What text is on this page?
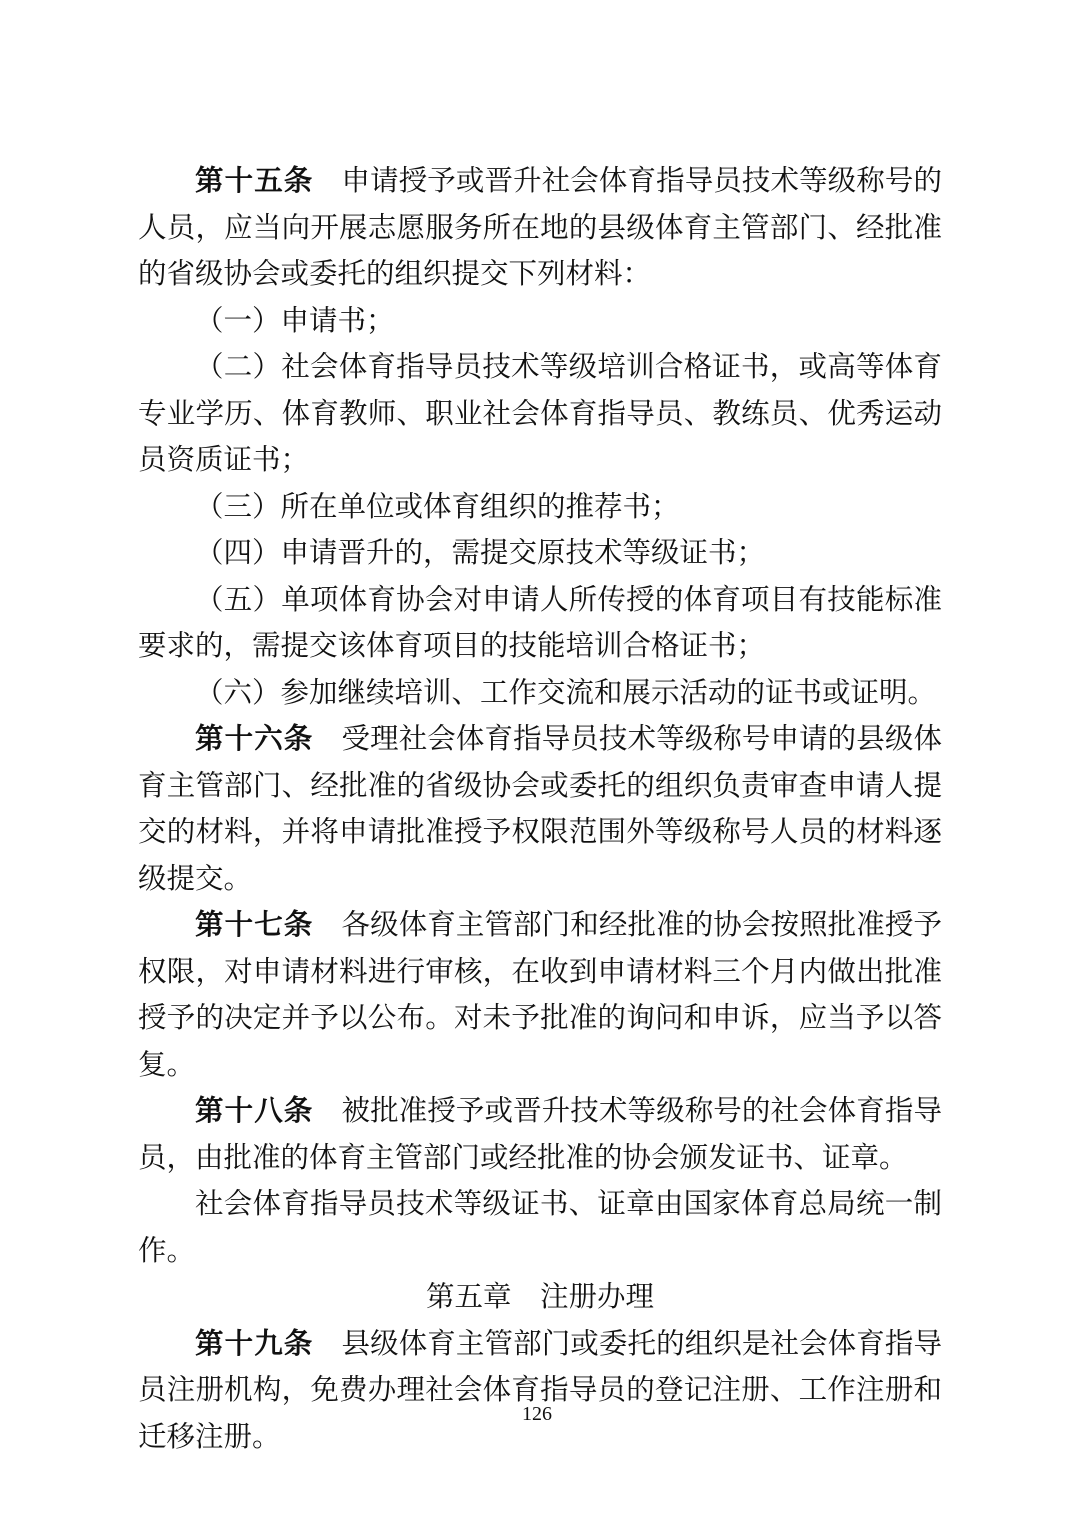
第十五条 申请授予或晋升社会体育指导员技术等级称号的人员，应当向开展志愿服务所在地的县级体育主管部门、经批准的省级协会或委托的组织提交下列材料：

（一）申请书；

（二）社会体育指导员技术等级培训合格证书，或高等体育专业学历、体育教师、职业社会体育指导员、教练员、优秀运动员资质证书；

（三）所在单位或体育组织的推荐书；

（四）申请晋升的，需提交原技术等级证书；

（五）单项体育协会对申请人所传授的体育项目有技能标准要求的，需提交该体育项目的技能培训合格证书；

（六）参加继续培训、工作交流和展示活动的证书或证明。

第十六条 受理社会体育指导员技术等级称号申请的县级体育主管部门、经批准的省级协会或委托的组织负责审查申请人提交的材料，并将申请批准授予权限范围外等级称号人员的材料逐级提交。

第十七条 各级体育主管部门和经批准的协会按照批准授予权限，对申请材料进行审核，在收到申请材料三个月内做出批准授予的决定并予以公布。对未予批准的询问和申诉，应当予以答复。

第十八条 被批准授予或晋升技术等级称号的社会体育指导员，由批准的体育主管部门或经批准的协会颁发证书、证章。

社会体育指导员技术等级证书、证章由国家体育总局统一制作。

第五章　注册办理

第十九条 县级体育主管部门或委托的组织是社会体育指导员注册机构，免费办理社会体育指导员的登记注册、工作注册和迁移注册。

126
